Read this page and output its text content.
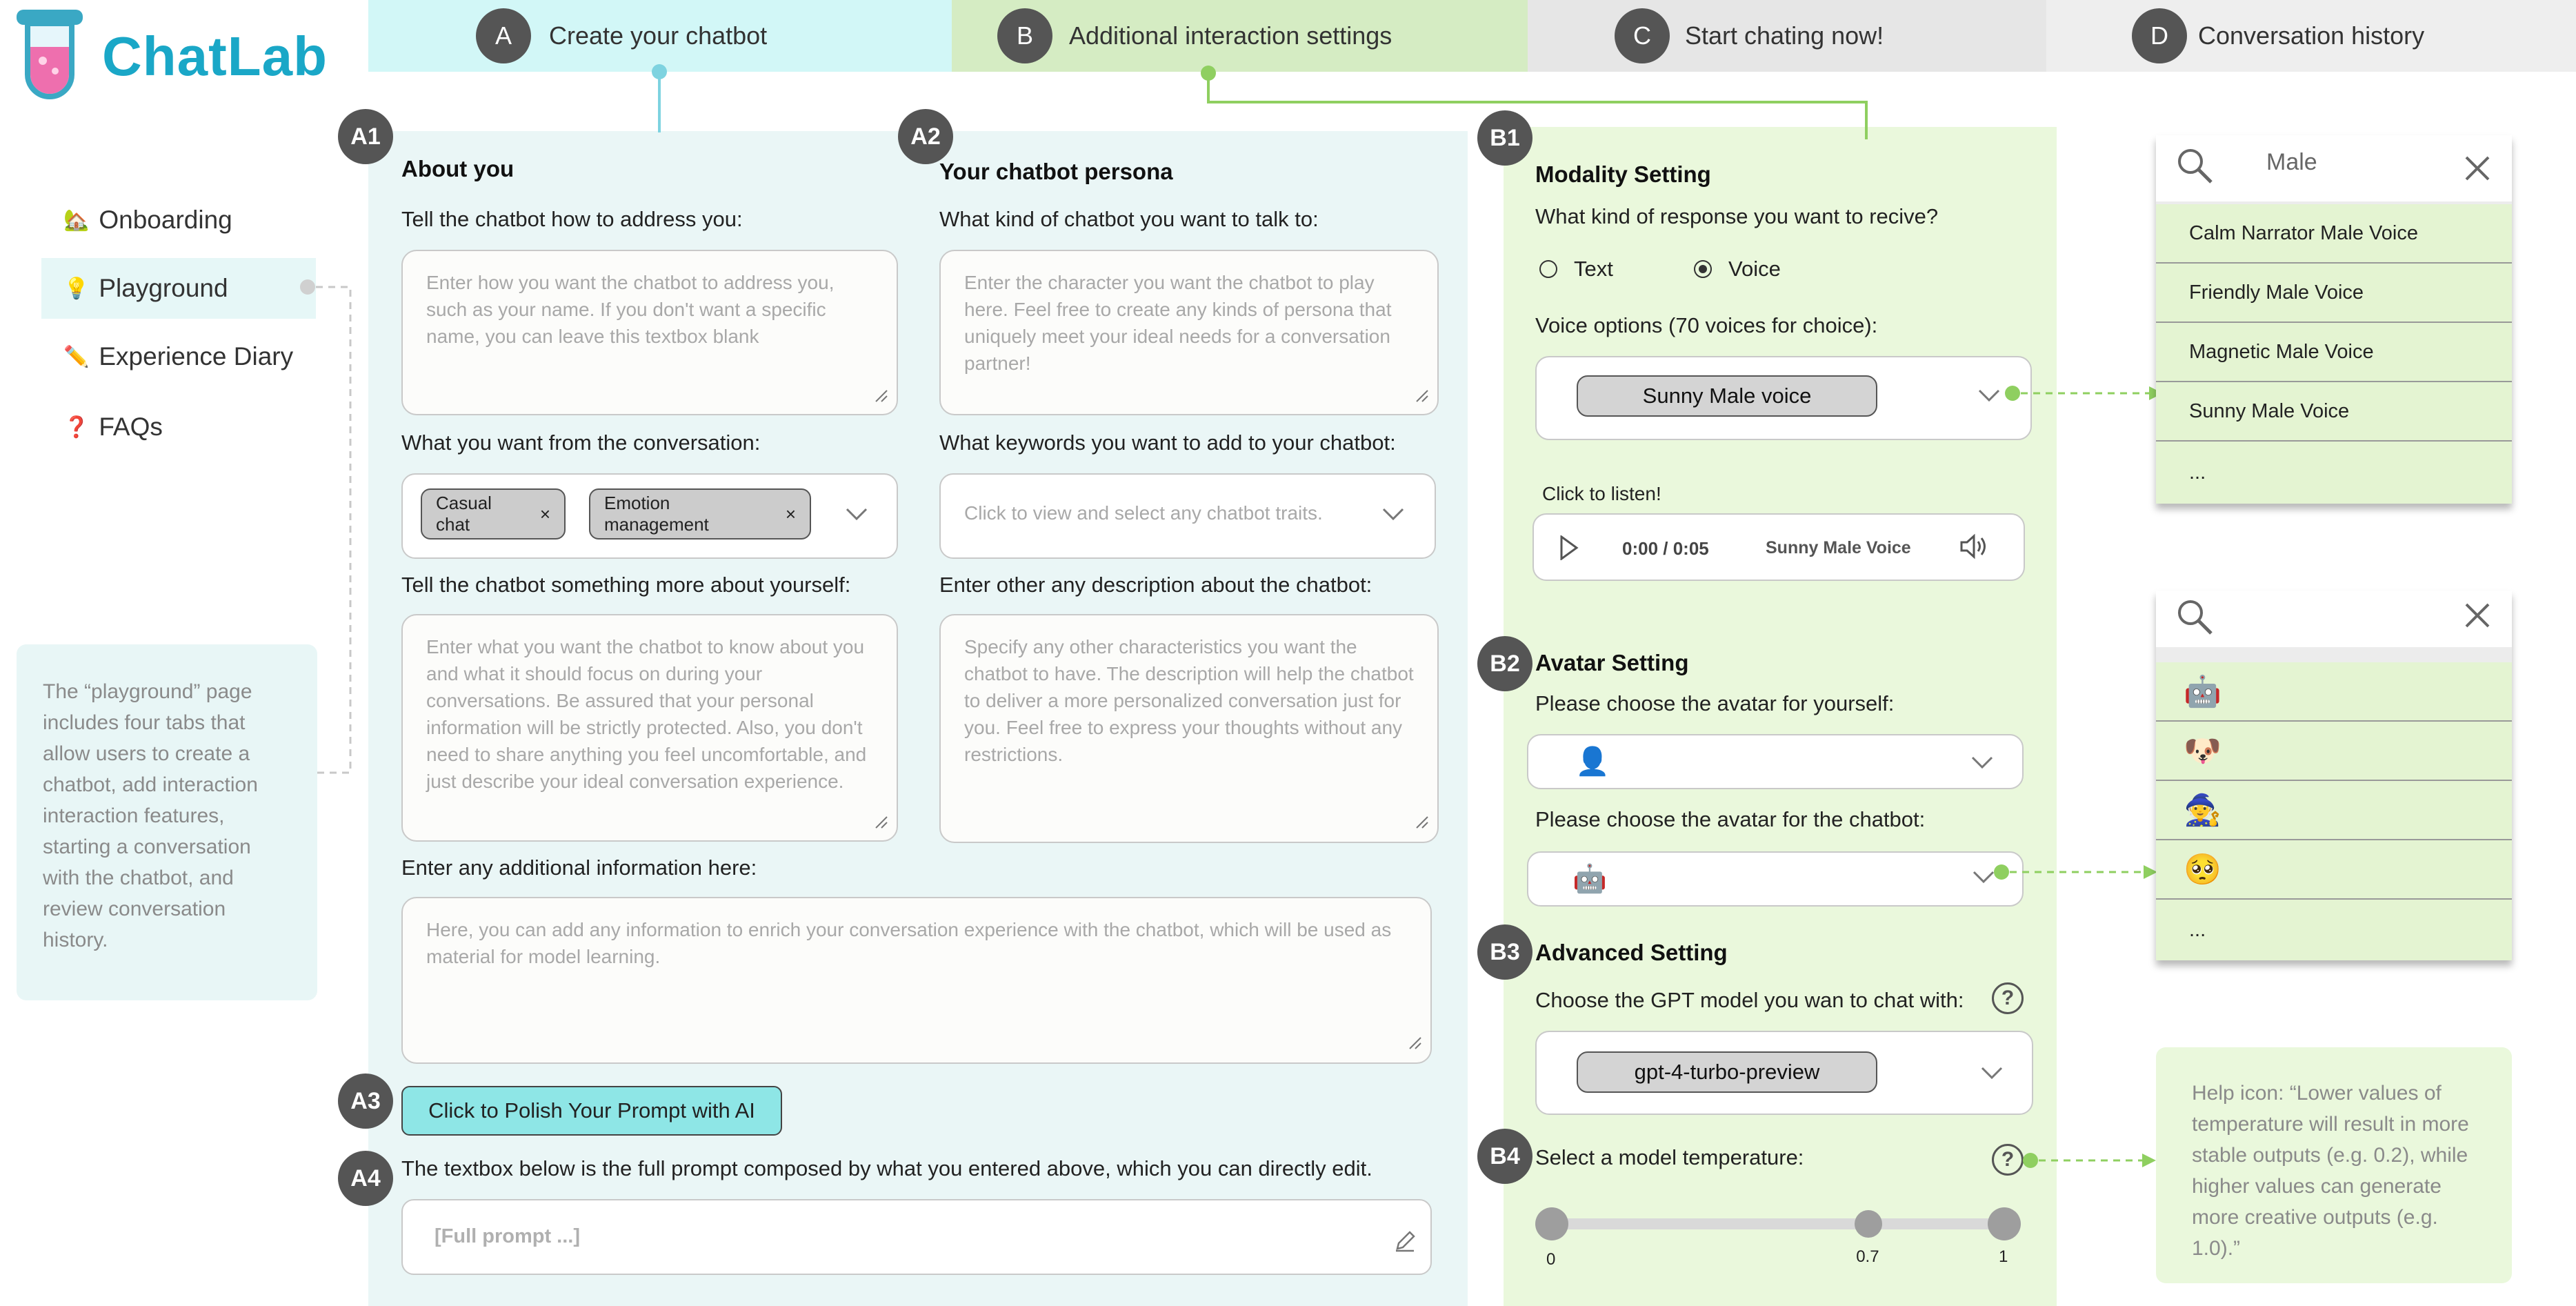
ChatLab	A	Create your chatbot	B	Additional interaction settings	C	Start chating now!	D	Conversation history
🏡 Onboarding
💡 Playground
✏️ Experience Diary
❓ FAQs
The “playground” page includes four tabs that allow users to create a chatbot, add interaction interaction features, starting a conversation with the chatbot, and review conversation history.
A1	A2
About you
Tell the chatbot how to address you:
Enter how you want the chatbot to address you, such as your name. If you don't want a specific name, you can leave this textbox blank
What you want from the conversation:
Casual chat
×
Emotion management
×
Tell the chatbot something more about yourself:
Enter what you want the chatbot to know about you and what it should focus on during your conversations. Be assured that your personal information will be strictly protected. Also, you don't need to share anything you feel uncomfortable, and just describe your ideal conversation experience.
Your chatbot persona
What kind of chatbot you want to talk to:
Enter the character you want the chatbot to play here. Feel free to create any kinds of persona that uniquely meet your ideal needs for a conversation partner!
What keywords you want to add to your chatbot:
Click to view and select any chatbot traits.
Enter other any description about the chatbot:
Specify any other characteristics you want the chatbot to have. The description will help the chatbot to deliver a more personalized conversation just for you. Feel free to express your thoughts without any restrictions.
Enter any additional information here:
Here, you can add any information to enrich your conversation experience with the chatbot, which will be used as material for model learning.
A3	Click to Polish Your Prompt with AI
A4 The textbox below is the full prompt composed by what you entered above, which you can directly edit.
[Full prompt ...]
B1
Modality Setting
What kind of response you want to recive?
Text	Voice
Voice options (70 voices for choice):
Sunny Male voice
Click to listen!
0:00 / 0:05	Sunny Male Voice
B2 Avatar Setting
Please choose the avatar for yourself:
👤
Please choose the avatar for the chatbot:
🤖
B3 Advanced Setting
Choose the GPT model you wan to chat with:	?
gpt-4-turbo-preview
B4 Select a model temperature:	?
0	0.7	1
Male
Calm Narrator Male Voice
Friendly Male Voice
Magnetic Male Voice
Sunny Male Voice
...
🤖
🐶
🧙
🥺
...
Help icon: “Lower values of temperature will result in more stable outputs (e.g. 0.2), while higher values can generate more creative outputs (e.g. 1.0).”
